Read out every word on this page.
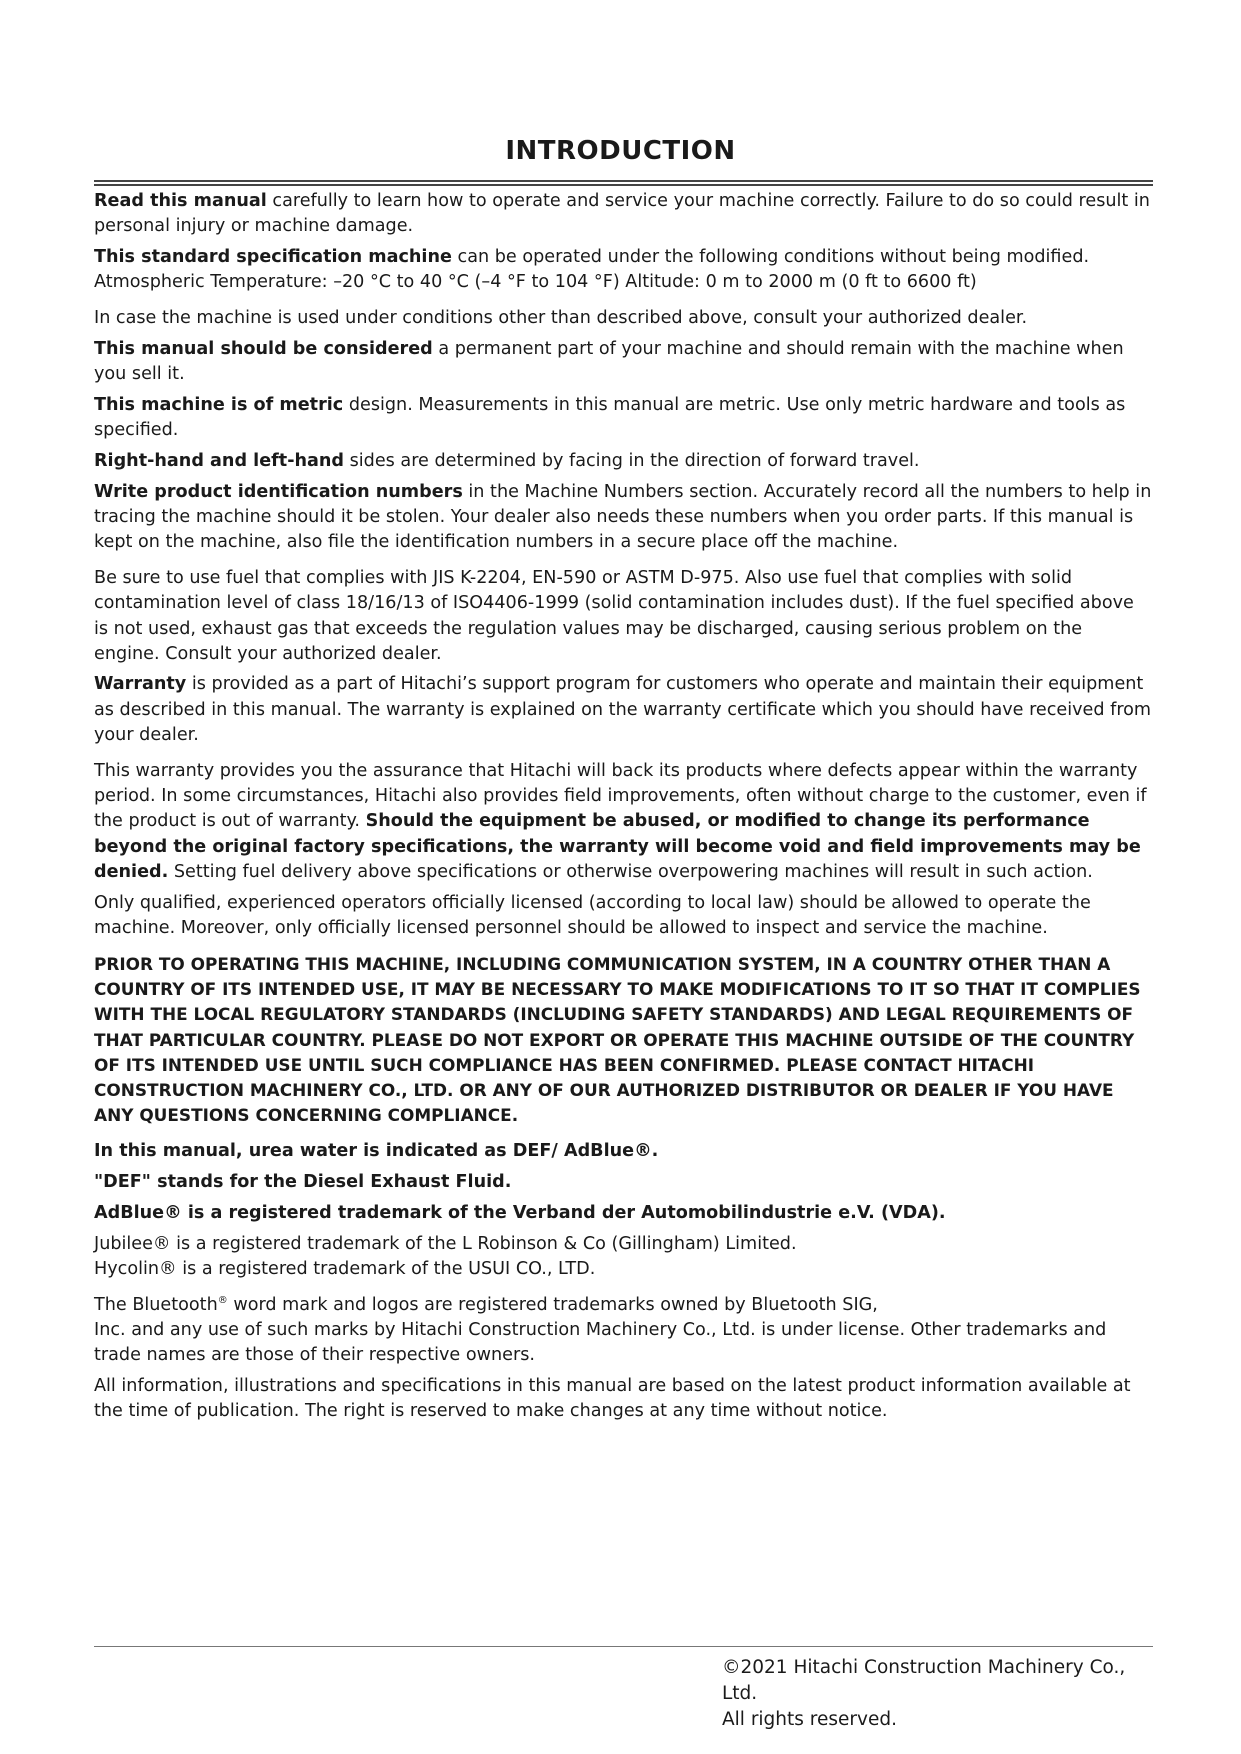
INTRODUCTION

Read this manual carefully to learn how to operate and service your machine correctly. Failure to do so could result in personal injury or machine damage.

This standard specification machine can be operated under the following conditions without being modified.
Atmospheric Temperature: –20 °C to 40 °C (–4 °F to 104 °F) Altitude: 0 m to 2000 m (0 ft to 6600 ft)

In case the machine is used under conditions other than described above, consult your authorized dealer.

This manual should be considered a permanent part of your machine and should remain with the machine when you sell it.

This machine is of metric design. Measurements in this manual are metric. Use only metric hardware and tools as specified.

Right-hand and left-hand sides are determined by facing in the direction of forward travel.

Write product identification numbers in the Machine Numbers section. Accurately record all the numbers to help in tracing the machine should it be stolen. Your dealer also needs these numbers when you order parts. If this manual is kept on the machine, also file the identification numbers in a secure place off the machine.

Be sure to use fuel that complies with JIS K-2204, EN-590 or ASTM D-975. Also use fuel that complies with solid contamination level of class 18/16/13 of ISO4406-1999 (solid contamination includes dust). If the fuel specified above is not used, exhaust gas that exceeds the regulation values may be discharged, causing serious problem on the engine. Consult your authorized dealer.

Warranty is provided as a part of Hitachi’s support program for customers who operate and maintain their equipment as described in this manual. The warranty is explained on the warranty certificate which you should have received from your dealer.

This warranty provides you the assurance that Hitachi will back its products where defects appear within the warranty period. In some circumstances, Hitachi also provides field improvements, often without charge to the customer, even if the product is out of warranty. Should the equipment be abused, or modified to change its performance beyond the original factory specifications, the warranty will become void and field improvements may be denied. Setting fuel delivery above specifications or otherwise overpowering machines will result in such action.

Only qualified, experienced operators officially licensed (according to local law) should be allowed to operate the machine. Moreover, only officially licensed personnel should be allowed to inspect and service the machine.

PRIOR TO OPERATING THIS MACHINE, INCLUDING COMMUNICATION SYSTEM, IN A COUNTRY OTHER THAN A COUNTRY OF ITS INTENDED USE, IT MAY BE NECESSARY TO MAKE MODIFICATIONS TO IT SO THAT IT COMPLIES WITH THE LOCAL REGULATORY STANDARDS (INCLUDING SAFETY STANDARDS) AND LEGAL REQUIREMENTS OF THAT PARTICULAR COUNTRY. PLEASE DO NOT EXPORT OR OPERATE THIS MACHINE OUTSIDE OF THE COUNTRY OF ITS INTENDED USE UNTIL SUCH COMPLIANCE HAS BEEN CONFIRMED. PLEASE CONTACT HITACHI CONSTRUCTION MACHINERY CO., LTD. OR ANY OF OUR AUTHORIZED DISTRIBUTOR OR DEALER IF YOU HAVE ANY QUESTIONS CONCERNING COMPLIANCE.

In this manual, urea water is indicated as DEF/ AdBlue®.

"DEF" stands for the Diesel Exhaust Fluid.

AdBlue® is a registered trademark of the Verband der Automobilindustrie e.V. (VDA).

Jubilee® is a registered trademark of the L Robinson & Co (Gillingham) Limited.
Hycolin® is a registered trademark of the USUI CO., LTD.

The Bluetooth® word mark and logos are registered trademarks owned by Bluetooth SIG,
Inc. and any use of such marks by Hitachi Construction Machinery Co., Ltd. is under license. Other trademarks and trade names are those of their respective owners.

All information, illustrations and specifications in this manual are based on the latest product information available at the time of publication. The right is reserved to make changes at any time without notice.

©2021 Hitachi Construction Machinery Co., Ltd.
All rights reserved.
